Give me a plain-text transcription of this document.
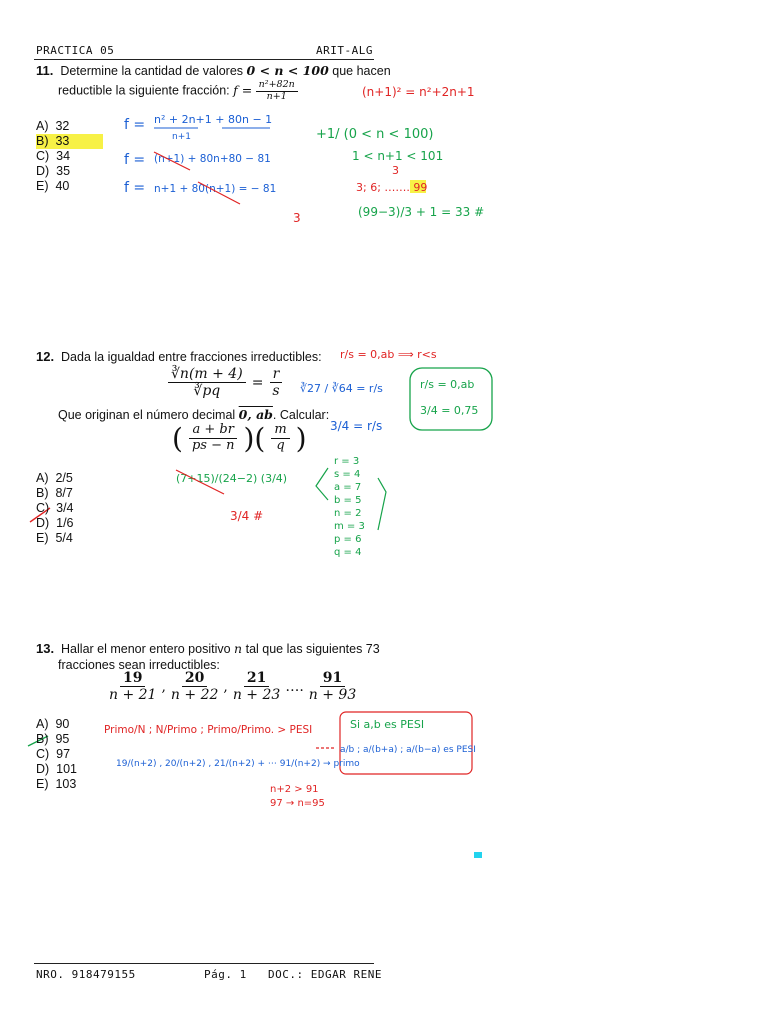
PRACTICA 05	ARIT-ALG
11. Determine la cantidad de valores 0 < n < 100 que hacen
reductible la siguiente fracción: $f = \frac{\text{n²+82n}}{n+1}$
A)  32
B)  33
C)  34
D)  35
E)  40
(n+1)² = n²+2n+1
f = n² + 2n+1 + 80n − 1
n+1
f = (n+1) + 80n+80 − 81
f = n+1 + 80(n+1) = − 81
3
+1/ (0 < n < 100)
1 < n+1 < 101
3
3; 6; ……. 99
(99−3)/3 + 1 = 33 #
r/s = 0,ab ⟹ r<s
∛27 / ∛64 = r/s
3/4 = r/s
r/s = 0,ab
3/4 = 0,75
(7+15)/(24−2) (3/4)
3/4 #
r = 3
s = 4
a = 7
b = 5
n = 2
m = 3
p = 6
q = 4
Primo/N ; N/Primo ; Primo/Primo. > PESI	Si a,b es PESI
a/b ; a/(b+a) ; a/(b−a) es PESI
19/(n+2) , 20/(n+2) , 21/(n+2) + ⋯ 91/(n+2) → primo
n+2 > 91
97 → n=95
12. Dada la igualdad entre fracciones irreductibles:
$\frac{∛n(m + 4)}{∛pq} = \frac{r}{s}$
Que originan el número decimal 0, ab. Calcular:
( $\frac{a + br}{ps - n}$ )( $\frac{m}{q}$ )
A)  2/5
B)  8/7
C)  3/4
D)  1/6
E)  5/4
13. Hallar el menor entero positivo n tal que las siguientes 73
fracciones sean irreductibles:
$\frac{19}{n + 21}$ , $\frac{20}{n + 22}$ , $\frac{21}{n + 23}$ …. $\frac{91}{n + 93}$
A)  90
B)  95
C)  97
D)  101
E)  103
NRO. 918479155	Pág. 1 DOC.: EDGAR RENE
